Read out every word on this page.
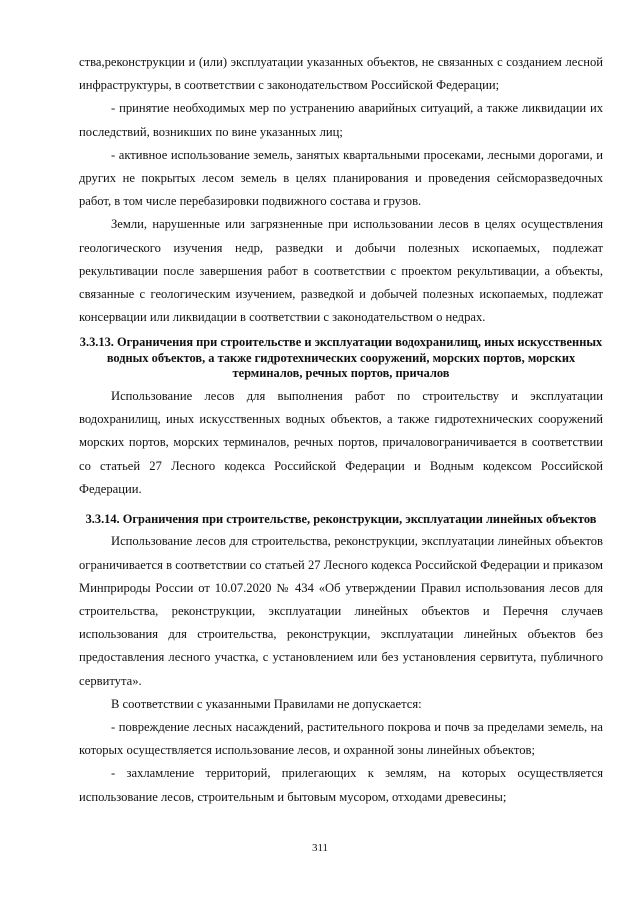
ства,реконструкции и (или) эксплуатации указанных объектов, не связанных с созданием лесной инфраструктуры, в соответствии с законодательством Российской Федерации;

- принятие необходимых мер по устранению аварийных ситуаций, а также ликвидации их последствий, возникших по вине указанных лиц;

- активное использование земель, занятых квартальными просеками, лесными дорогами, и других не покрытых лесом земель в целях планирования и проведения сейсморазведочных работ, в том числе перебазировки подвижного состава и грузов.

Земли, нарушенные или загрязненные при использовании лесов в целях осуществления геологического изучения недр, разведки и добычи полезных ископаемых, подлежат рекультивации после завершения работ в соответствии с проектом рекультивации, а объекты, связанные с геологическим изучением, разведкой и добычей полезных ископаемых, подлежат консервации или ликвидации в соответствии с законодательством о недрах.

3.3.13. Ограничения при строительстве и эксплуатации водохранилищ, иных искусственных водных объектов, а также гидротехнических сооружений, морских портов, морских терминалов, речных портов, причалов

Использование лесов для выполнения работ по строительству и эксплуатации водохранилищ, иных искусственных водных объектов, а также гидротехнических сооружений морских портов, морских терминалов, речных портов, причаловограничивается в соответствии со статьей 27 Лесного кодекса Российской Федерации и Водным кодексом Российской Федерации.

3.3.14. Ограничения при строительстве, реконструкции, эксплуатации линейных объектов

Использование лесов для строительства, реконструкции, эксплуатации линейных объектов ограничивается в соответствии со статьей 27 Лесного кодекса Российской Федерации и приказом Минприроды России от 10.07.2020 № 434 «Об утверждении Правил использования лесов для строительства, реконструкции, эксплуатации линейных объектов и Перечня случаев использования для строительства, реконструкции, эксплуатации линейных объектов без предоставления лесного участка, с установлением или без установления сервитута, публичного сервитута».

В соответствии с указанными Правилами не допускается:

- повреждение лесных насаждений, растительного покрова и почв за пределами земель, на которых осуществляется использование лесов, и охранной зоны линейных объектов;

- захламление территорий, прилегающих к землям, на которых осуществляется использование лесов, строительным и бытовым мусором, отходами древесины;

311
